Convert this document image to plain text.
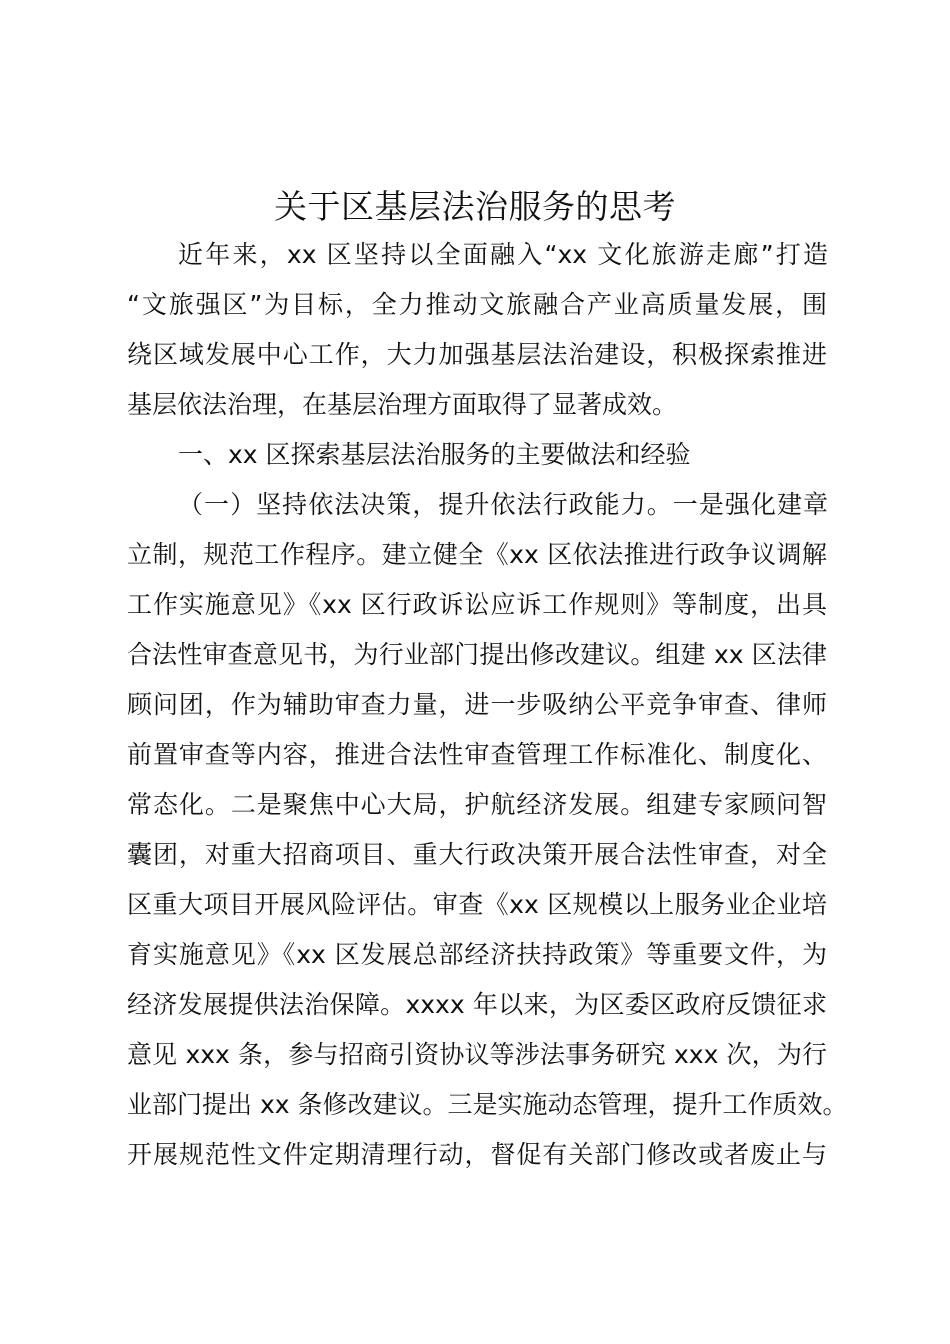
关于区基层法治服务的思考

近年来，xx 区坚持以全面融入“xx 文化旅游走廊”打造

“文旅强区”为目标，全力推动文旅融合产业高质量发展，围

绕区域发展中心工作，大力加强基层法治建设，积极探索推进

基层依法治理，在基层治理方面取得了显著成效。

一、xx 区探索基层法治服务的主要做法和经验

（一）坚持依法决策，提升依法行政能力。一是强化建章

立制，规范工作程序。建立健全《xx 区依法推进行政争议调解

工作实施意见》《xx 区行政诉讼应诉工作规则》等制度，出具

合法性审查意见书，为行业部门提出修改建议。组建 xx 区法律

顾问团，作为辅助审查力量，进一步吸纳公平竞争审查、律师

前置审查等内容，推进合法性审查管理工作标准化、制度化、

常态化。二是聚焦中心大局，护航经济发展。组建专家顾问智

囊团，对重大招商项目、重大行政决策开展合法性审查，对全

区重大项目开展风险评估。审查《xx 区规模以上服务业企业培

育实施意见》《xx 区发展总部经济扶持政策》等重要文件，为

经济发展提供法治保障。xxxx 年以来，为区委区政府反馈征求

意见 xxx 条，参与招商引资协议等涉法事务研究 xxx 次，为行

业部门提出 xx 条修改建议。三是实施动态管理，提升工作质效。

开展规范性文件定期清理行动，督促有关部门修改或者废止与
